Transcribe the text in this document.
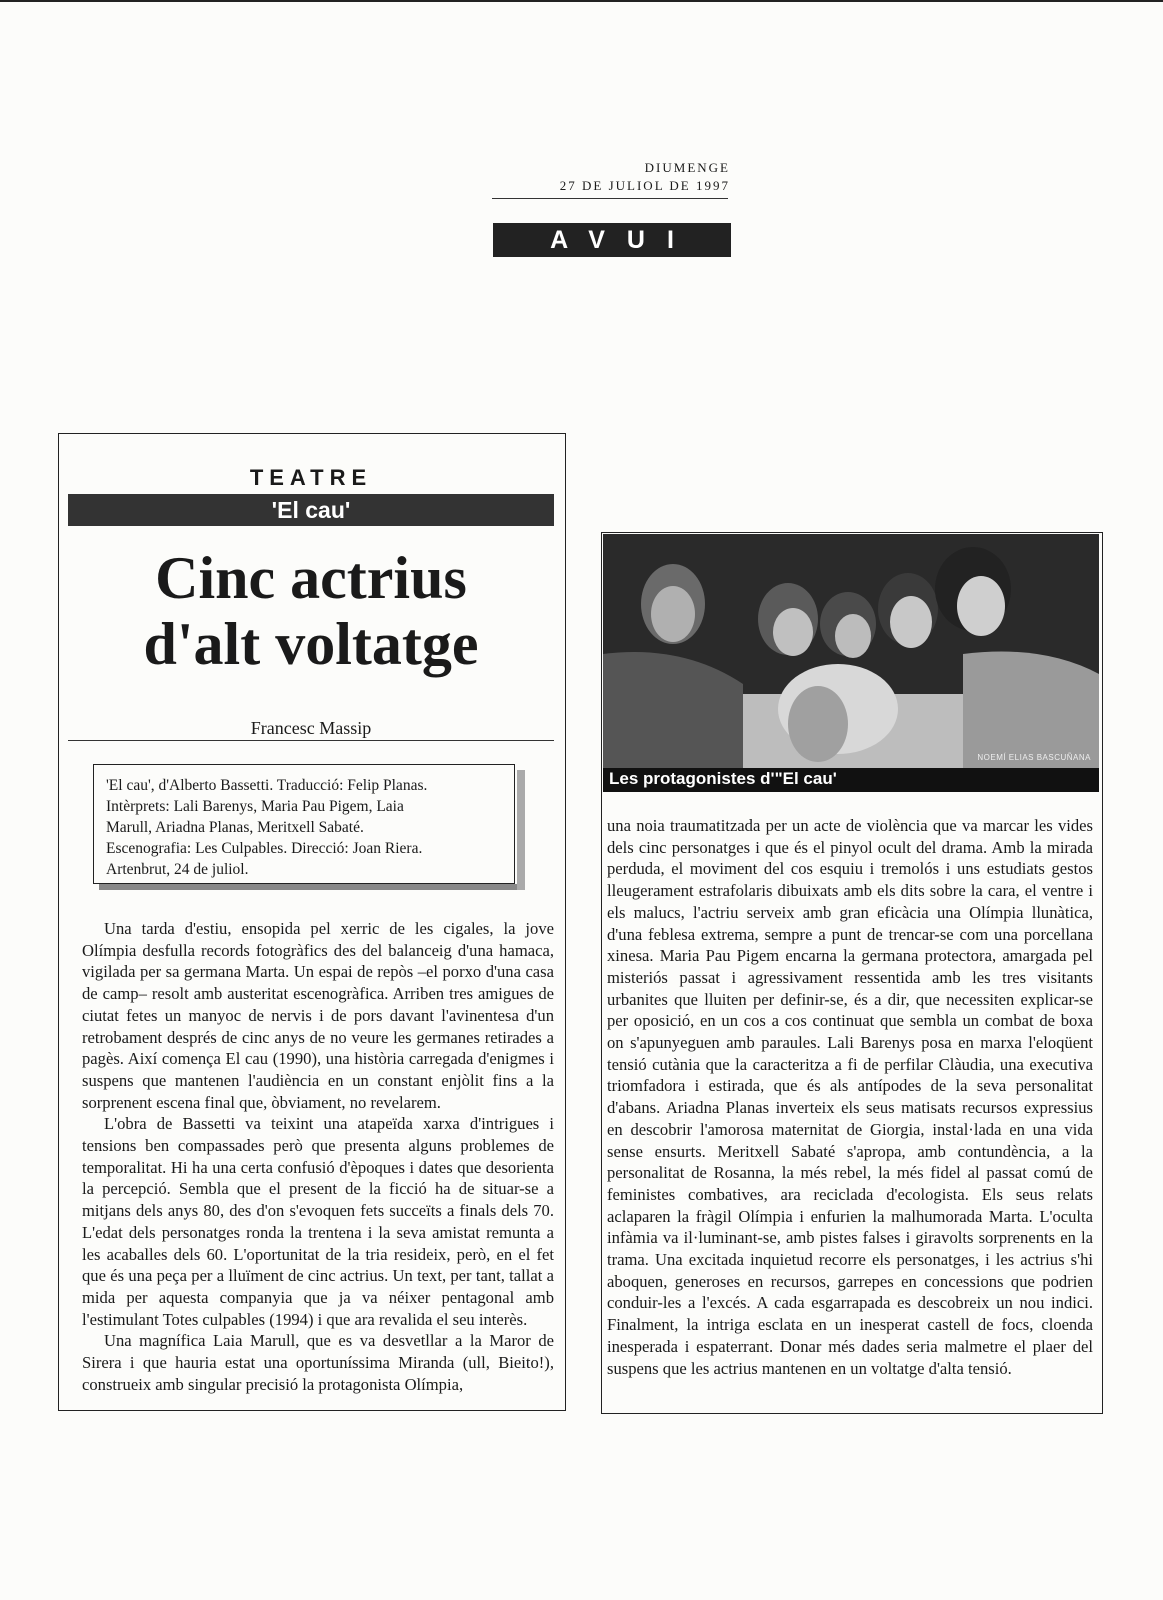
DIUMENGE
27 DE JULIOL DE 1997
AVUI
TEATRE
'El cau'
Cinc actrius
d'alt voltatge
Francesc Massip
'El cau', d'Alberto Bassetti. Traducció: Felip Planas.
Intèrprets: Lali Barenys, Maria Pau Pigem, Laia
Marull, Ariadna Planas, Meritxell Sabaté.
Escenografia: Les Culpables. Direcció: Joan Riera.
Artenbrut, 24 de juliol.

Una tarda d'estiu, ensopida pel xerric de les cigales, la jove Olímpia desfulla records fotogràfics des del balanceig d'una hamaca, vigilada per sa germana Marta. Un espai de repòs –el porxo d'una casa de camp– resolt amb austeritat escenogràfica. Arriben tres amigues de ciutat fetes un manyoc de nervis i de pors davant l'avinentesa d'un retrobament després de cinc anys de no veure les germanes retirades a pagès. Així comença El cau (1990), una història carregada d'enigmes i suspens que mantenen l'audiència en un constant enjòlit fins a la sorprenent escena final que, òbviament, no revelarem.

L'obra de Bassetti va teixint una atapeïda xarxa d'intrigues i tensions ben compassades però que presenta alguns problemes de temporalitat. Hi ha una certa confusió d'èpoques i dates que desorienta la percepció. Sembla que el present de la ficció ha de situar-se a mitjans dels anys 80, des d'on s'evoquen fets succeïts a finals dels 70. L'edat dels personatges ronda la trentena i la seva amistat remunta a les acaballes dels 60. L'oportunitat de la tria resideix, però, en el fet que és una peça per a lluïment de cinc actrius. Un text, per tant, tallat a mida per aquesta companyia que ja va néixer pentagonal amb l'estimulant Totes culpables (1994) i que ara revalida el seu interès.

Una magnífica Laia Marull, que es va desvetllar a la Maror de Sirera i que hauria estat una oportuníssima Miranda (ull, Bieito!), construeix amb singular precisió la protagonista Olímpia,

NOEMÍ ELIAS BASCUÑANA
Les protagonistes d'"El cau'

una noia traumatitzada per un acte de violència que va marcar les vides dels cinc personatges i que és el pinyol ocult del drama. Amb la mirada perduda, el moviment del cos esquiu i tremolós i uns estudiats gestos lleugerament estrafolaris dibuixats amb els dits sobre la cara, el ventre i els malucs, l'actriu serveix amb gran eficàcia una Olímpia llunàtica, d'una feblesa extrema, sempre a punt de trencar-se com una porcellana xinesa. Maria Pau Pigem encarna la germana protectora, amargada pel misteriós passat i agressivament ressentida amb les tres visitants urbanites que lluiten per definir-se, és a dir, que necessiten explicar-se per oposició, en un cos a cos continuat que sembla un combat de boxa on s'apunyeguen amb paraules. Lali Barenys posa en marxa l'eloqüent tensió cutània que la caracteritza a fi de perfilar Clàudia, una executiva triomfadora i estirada, que és als antípodes de la seva personalitat d'abans. Ariadna Planas inverteix els seus matisats recursos expressius en descobrir l'amorosa maternitat de Giorgia, instal·lada en una vida sense ensurts. Meritxell Sabaté s'apropa, amb contundència, a la personalitat de Rosanna, la més rebel, la més fidel al passat comú de feministes combatives, ara reciclada d'ecologista. Els seus relats aclaparen la fràgil Olímpia i enfurien la malhumorada Marta. L'oculta infàmia va il·luminant-se, amb pistes falses i giravolts sorprenents en la trama. Una excitada inquietud recorre els personatges, i les actrius s'hi aboquen, generoses en recursos, garrepes en concessions que podrien conduir-les a l'excés. A cada esgarrapada es descobreix un nou indici. Finalment, la intriga esclata en un inesperat castell de focs, cloenda inesperada i espaterrant. Donar més dades seria malmetre el plaer del suspens que les actrius mantenen en un voltatge d'alta tensió.
